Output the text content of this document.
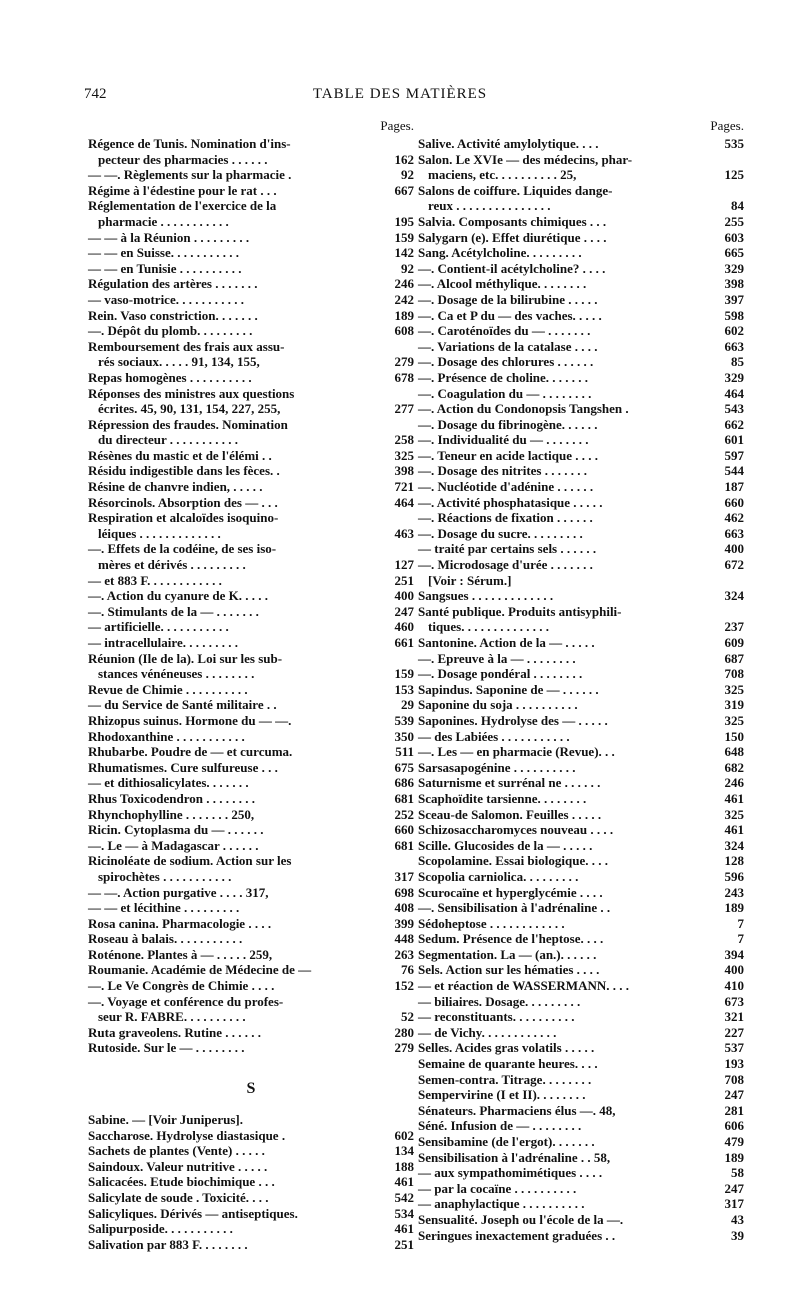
742	TABLE DES MATIÈRES
Pages.
Régence de Tunis. Nomination d'ins-
pecteur des pharmacies . . . . . .	162
— —. Règlements sur la pharmacie .	92
Régime à l'édestine pour le rat . . .	667
Réglementation de l'exercice de la
pharmacie . . . . . . . . . . .	195
— — à la Réunion . . . . . . . . .	159
— — en Suisse. . . . . . . . . . .	142
— — en Tunisie . . . . . . . . . .	92
Régulation des artères . . . . . . .	246
— vaso-motrice. . . . . . . . . . .	242
Rein. Vaso constriction. . . . . . .	189
—. Dépôt du plomb. . . . . . . . .	608
Remboursement des frais aux assu-
rés sociaux. . . . . 91, 134, 155,	279
Repas homogènes . . . . . . . . . .	678
Réponses des ministres aux questions
écrites. 45, 90, 131, 154, 227, 255,	277
Répression des fraudes. Nomination
du directeur . . . . . . . . . . .	258
Résènes du mastic et de l'élémi . .	325
Résidu indigestible dans les fèces. .	398
Résine de chanvre indien, . . . . .	721
Résorcinols. Absorption des — . . .	464
Respiration et alcaloïdes isoquino-
léiques . . . . . . . . . . . . .	463
—. Effets de la codéine, de ses iso-
mères et dérivés . . . . . . . . .	127
— et 883 F. . . . . . . . . . . .	251
—. Action du cyanure de K. . . . .	400
—. Stimulants de la — . . . . . . .	247
— artificielle. . . . . . . . . . .	460
— intracellulaire. . . . . . . . .	661
Réunion (Ile de la). Loi sur les sub-
stances vénéneuses . . . . . . . .	159
Revue de Chimie . . . . . . . . . .	153
— du Service de Santé militaire . .	29
Rhizopus suinus. Hormone du — —.	539
Rhodoxanthine . . . . . . . . . . .	350
Rhubarbe. Poudre de — et curcuma.	511
Rhumatismes. Cure sulfureuse . . .	675
— et dithiosalicylates. . . . . . .	686
Rhus Toxicodendron . . . . . . . .	681
Rhynchophylline . . . . . . . 250,	252
Ricin. Cytoplasma du — . . . . . .	660
—. Le — à Madagascar . . . . . .	681
Ricinoléate de sodium. Action sur les
spirochètes . . . . . . . . . . .	317
— —. Action purgative . . . . 317,	698
— — et lécithine . . . . . . . . .	408
Rosa canina. Pharmacologie . . . .	399
Roseau à balais. . . . . . . . . . .	448
Roténone. Plantes à — . . . . . 259,	263
Roumanie. Académie de Médecine de —	76
—. Le Ve Congrès de Chimie . . . .	152
—. Voyage et conférence du profes-
seur R. FABRE. . . . . . . . . .	52
Ruta graveolens. Rutine . . . . . .	280
Rutoside. Sur le — . . . . . . . .	279
S
Sabine. — [Voir Juniperus].
Saccharose. Hydrolyse diastasique .	602
Sachets de plantes (Vente) . . . . .	134
Saindoux. Valeur nutritive . . . . .	188
Salicacées. Etude biochimique . . .	461
Salicylate de soude . Toxicité. . . .	542
Salicyliques. Dérivés — antiseptiques.	534
Salipurposide. . . . . . . . . . .	461
Salivation par 883 F. . . . . . . .	251
Pages.
Salive. Activité amylolytique. . . .	535
Salon. Le XVIe — des médecins, phar-
maciens, etc. . . . . . . . . . 25,	125
Salons de coiffure. Liquides dange-
reux . . . . . . . . . . . . . . .	84
Salvia. Composants chimiques . . .	255
Salygarn (e). Effet diurétique . . . .	603
Sang. Acétylcholine. . . . . . . . .	665
—. Contient-il acétylcholine? . . . .	329
—. Alcool méthylique. . . . . . . .	398
—. Dosage de la bilirubine . . . . .	397
—. Ca et P du — des vaches. . . . .	598
—. Caroténoïdes du — . . . . . . .	602
—. Variations de la catalase . . . .	663
—. Dosage des chlorures . . . . . .	85
—. Présence de choline. . . . . . .	329
—. Coagulation du — . . . . . . . .	464
—. Action du Condonopsis Tangshen .	543
—. Dosage du fibrinogène. . . . . .	662
—. Individualité du — . . . . . . .	601
—. Teneur en acide lactique . . . .	597
—. Dosage des nitrites . . . . . . .	544
—. Nucléotide d'adénine . . . . . .	187
—. Activité phosphatasique . . . . .	660
—. Réactions de fixation . . . . . .	462
—. Dosage du sucre. . . . . . . . .	663
— traité par certains sels . . . . . .	400
—. Microdosage d'urée . . . . . . .	672
[Voir : Sérum.]
Sangsues . . . . . . . . . . . . .	324
Santé publique. Produits antisyphili-
tiques. . . . . . . . . . . . . .	237
Santonine. Action de la — . . . . .	609
—. Epreuve à la — . . . . . . . .	687
—. Dosage pondéral . . . . . . . .	708
Sapindus. Saponine de — . . . . . .	325
Saponine du soja . . . . . . . . . .	319
Saponines. Hydrolyse des — . . . . .	325
— des Labiées . . . . . . . . . . .	150
—. Les — en pharmacie (Revue). . .	648
Sarsasapogénine . . . . . . . . . .	682
Saturnisme et surrénal ne . . . . . .	246
Scaphoïdite tarsienne. . . . . . . .	461
Sceau-de Salomon. Feuilles . . . . .	325
Schizosaccharomyces nouveau . . . .	461
Scille. Glucosides de la — . . . . .	324
Scopolamine. Essai biologique. . . .	128
Scopolia carniolica. . . . . . . . .	596
Scurocaïne et hyperglycémie . . . .	243
—. Sensibilisation à l'adrénaline . .	189
Sédoheptose . . . . . . . . . . . .	7
Sedum. Présence de l'heptose. . . .	7
Segmentation. La — (an.). . . . . .	394
Sels. Action sur les hématies . . . .	400
— et réaction de WASSERMANN. . . .	410
— biliaires. Dosage. . . . . . . . .	673
— reconstituants. . . . . . . . . .	321
— de Vichy. . . . . . . . . . . .	227
Selles. Acides gras volatils . . . . .	537
Semaine de quarante heures. . . .	193
Semen-contra. Titrage. . . . . . . .	708
Sempervirine (I et II). . . . . . . .	247
Sénateurs. Pharmaciens élus —. 48,	281
Séné. Infusion de — . . . . . . . .	606
Sensibamine (de l'ergot). . . . . . .	479
Sensibilisation à l'adrénaline . . 58,	189
— aux sympathomimétiques . . . .	58
— par la cocaïne . . . . . . . . . .	247
— anaphylactique . . . . . . . . . .	317
Sensualité. Joseph ou l'école de la —.	43
Seringues inexactement graduées . .	39
